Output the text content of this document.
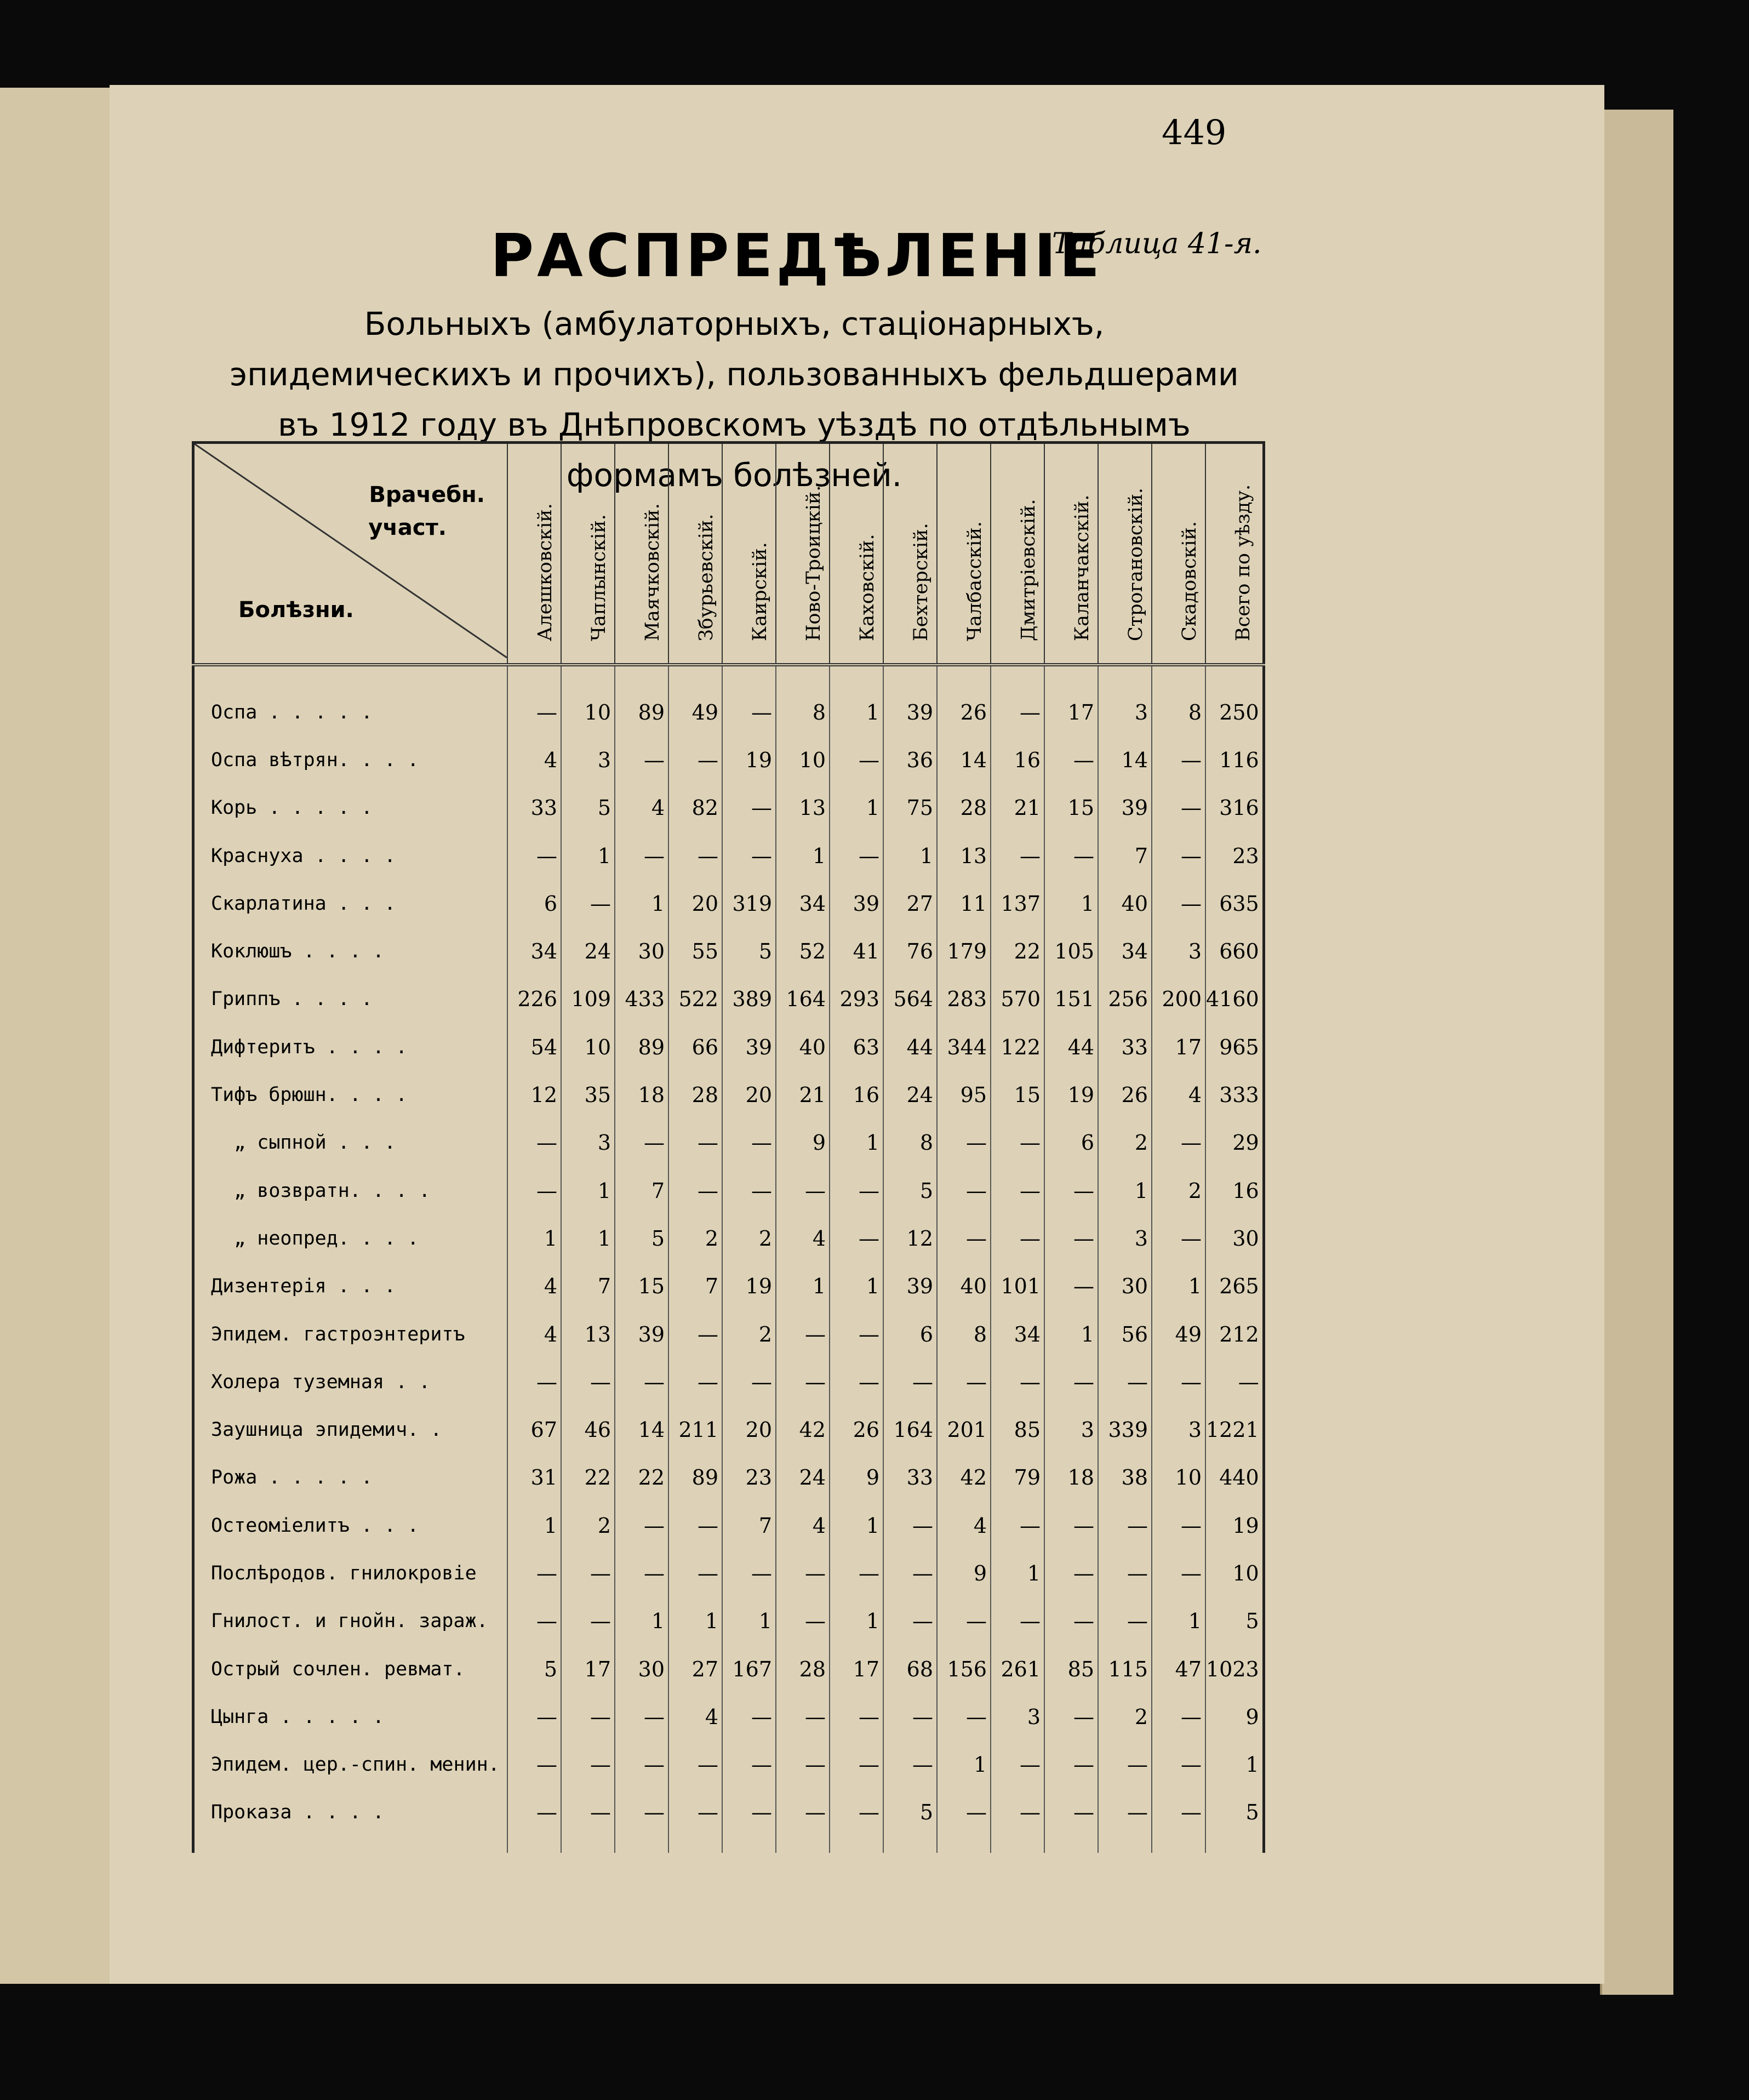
449
РАСПРЕДѢЛЕНІЕ
Таблица 41-я.
Больныхъ (амбулаторныхъ, стаціонарныхъ, эпидемическихъ и прочихъ), пользованныхъ фельдшерами въ 1912 году въ Днѣпровскомъ уѣздѣ по отдѣльнымъ формамъ болѣзней.
Врачебн.
участ.
Болѣзни.	Алешковскій.	Чаплынскій.	Маячковскій.	Збурьевскій.	Каирскій.	Ново-Троицкій.	Каховскій.	Бехтерскій.	Чалбасскій.	Дмитріевскій.	Каланчакскій.	Строгановскій.	Скадовскій.	Всего по уѣзду.

Оспа . . . . .	—	10	89	49	—	8	1	39	26	—	17	3	8	250
Оспа вѣтрян. . . .	4	3	—	—	19	10	—	36	14	16	—	14	—	116
Корь . . . . .	33	5	4	82	—	13	1	75	28	21	15	39	—	316
Краснуха . . . .	—	1	—	—	—	1	—	1	13	—	—	7	—	23
Скарлатина . . .	6	—	1	20	319	34	39	27	11	137	1	40	—	635
Коклюшъ . . . .	34	24	30	55	5	52	41	76	179	22	105	34	3	660
Гриппъ . . . .	226	109	433	522	389	164	293	564	283	570	151	256	200	4160
Дифтеритъ . . . .	54	10	89	66	39	40	63	44	344	122	44	33	17	965
Тифъ брюшн. . . .	12	35	18	28	20	21	16	24	95	15	19	26	4	333
„ сыпной . . .	—	3	—	—	—	9	1	8	—	—	6	2	—	29
„ возвратн. . . .	—	1	7	—	—	—	—	5	—	—	—	1	2	16
„ неопред. . . .	1	1	5	2	2	4	—	12	—	—	—	3	—	30
Дизентерія . . .	4	7	15	7	19	1	1	39	40	101	—	30	1	265
Эпидем. гастроэнтеритъ	4	13	39	—	2	—	—	6	8	34	1	56	49	212
Холера туземная . .	—	—	—	—	—	—	—	—	—	—	—	—	—	—
Заушница эпидемич. .	67	46	14	211	20	42	26	164	201	85	3	339	3	1221
Рожа . . . . .	31	22	22	89	23	24	9	33	42	79	18	38	10	440
Остеоміелитъ . . .	1	2	—	—	7	4	1	—	4	—	—	—	—	19
Послѣродов. гнилокровіе	—	—	—	—	—	—	—	—	9	1	—	—	—	10
Гнилост. и гнойн. зараж.	—	—	1	1	1	—	1	—	—	—	—	—	1	5
Острый сочлен. ревмат.	5	17	30	27	167	28	17	68	156	261	85	115	47	1023
Цынга . . . . .	—	—	—	4	—	—	—	—	—	3	—	2	—	9
Эпидем. цер.-спин. менин.	—	—	—	—	—	—	—	—	1	—	—	—	—	1
Проказа . . . .	—	—	—	—	—	—	—	5	—	—	—	—	—	5
